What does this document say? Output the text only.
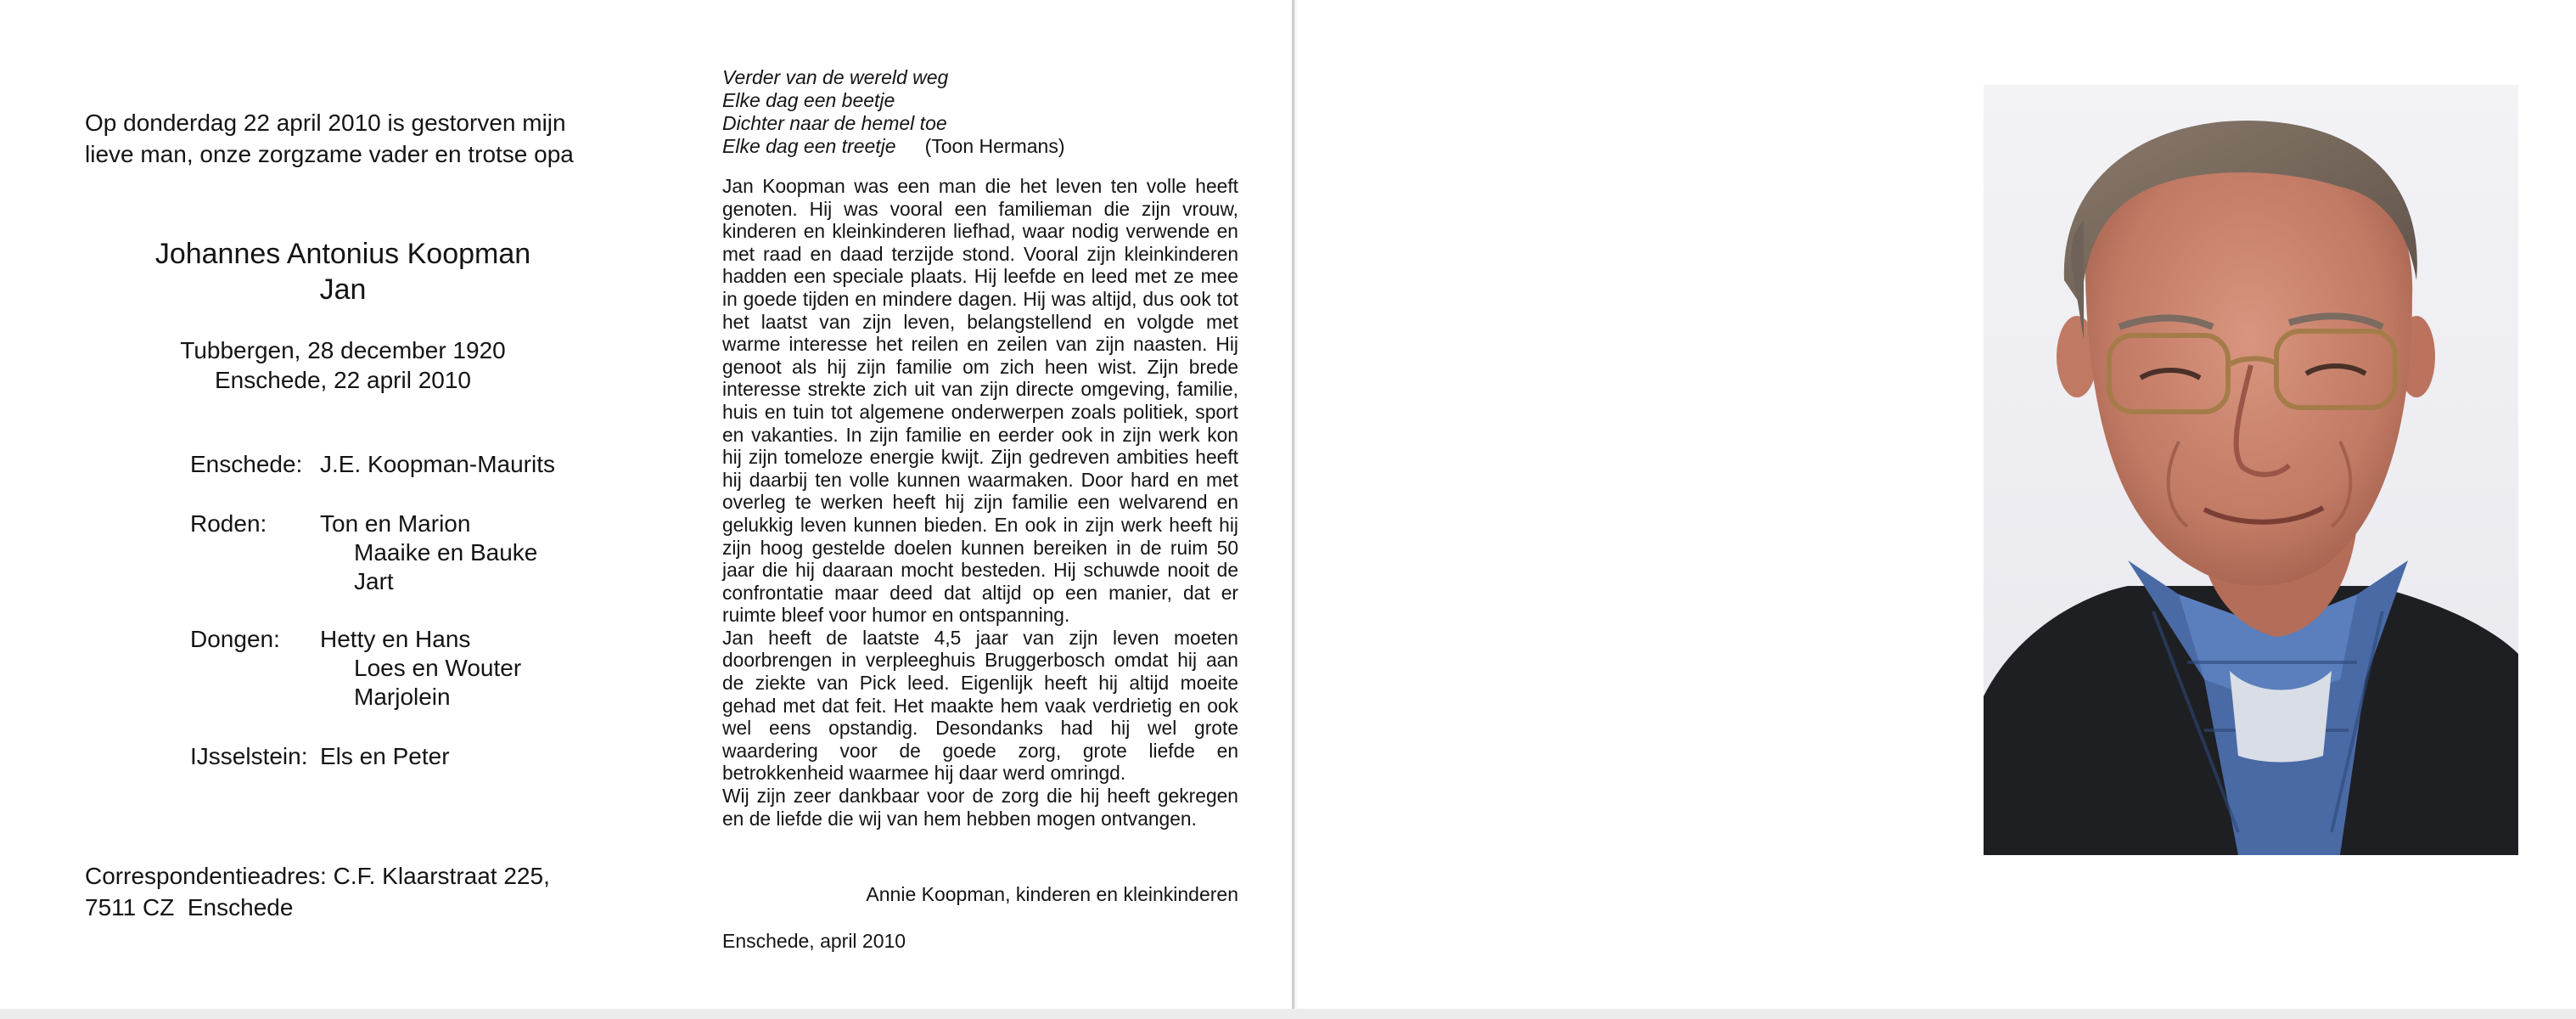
Op donderdag 22 april 2010 is gestorven mijn
lieve man, onze zorgzame vader en trotse opa
Johannes Antonius Koopman
Jan
Tubbergen, 28 december 1920
Enschede, 22 april 2010
Enschede: J.E. Koopman-Maurits
Roden: Ton en Marion
Maaike en Bauke
Jart
Dongen: Hetty en Hans
Loes en Wouter
Marjolein
IJsselstein: Els en Peter
Correspondentieadres: C.F. Klaarstraat 225,
7511 CZ  Enschede
Verder van de wereld weg
Elke dag een beetje
Dichter naar de hemel toe
Elke dag een treetje (Toon Hermans)

Jan Koopman was een man die het leven ten volle heeft genoten. Hij was vooral een familieman die zijn vrouw, kinderen en kleinkinderen liefhad, waar nodig verwende en met raad en daad terzijde stond. Vooral zijn kleinkinderen hadden een speciale plaats. Hij leefde en leed met ze mee in goede tijden en mindere dagen. Hij was altijd, dus ook tot het laatst van zijn leven, belangstellend en volgde met warme interesse het reilen en zeilen van zijn naasten. Hij genoot als hij zijn familie om zich heen wist. Zijn brede interesse strekte zich uit van zijn directe omgeving, familie, huis en tuin tot algemene onderwerpen zoals politiek, sport en vakanties. In zijn familie en eerder ook in zijn werk kon hij zijn tomeloze energie kwijt. Zijn gedreven ambities heeft hij daarbij ten volle kunnen waarmaken. Door hard en met overleg te werken heeft hij zijn familie een welvarend en gelukkig leven kunnen bieden. En ook in zijn werk heeft hij zijn hoog gestelde doelen kunnen bereiken in de ruim 50 jaar die hij daaraan mocht besteden. Hij schuwde nooit de confrontatie maar deed dat altijd op een manier, dat er ruimte bleef voor humor en ontspanning.

Jan heeft de laatste 4,5 jaar van zijn leven moeten doorbrengen in verpleeghuis Bruggerbosch omdat hij aan de ziekte van Pick leed. Eigenlijk heeft hij altijd moeite gehad met dat feit. Het maakte hem vaak verdrietig en ook wel eens opstandig. Desondanks had hij wel grote waardering voor de goede zorg, grote liefde en betrokkenheid waarmee hij daar werd omringd.

Wij zijn zeer dankbaar voor de zorg die hij heeft gekregen en de liefde die wij van hem hebben mogen ontvangen.

Annie Koopman, kinderen en kleinkinderen
Enschede, april 2010
